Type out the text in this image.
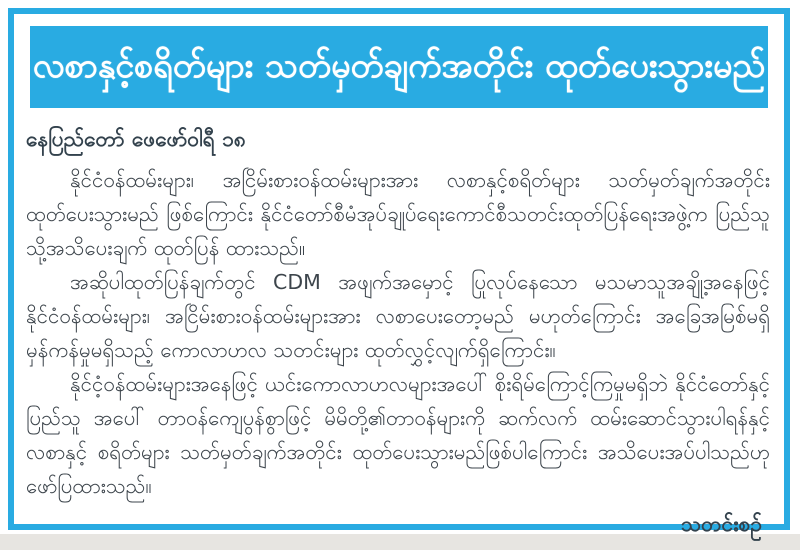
လစာနှင့်စရိတ်များ သတ်မှတ်ချက်အတိုင်း ထုတ်ပေးသွားမည်
နေပြည်တော် ဖေဖော်ဝါရီ ၁၈

နိုင်ငံဝန်ထမ်းများ၊ အငြိမ်းစားဝန်ထမ်းများအား လစာနှင့်စရိတ်များ သတ်မှတ်ချက်အတိုင်း ထုတ်ပေးသွားမည် ဖြစ်ကြောင်း နိုင်ငံတော်စီမံအုပ်ချုပ်ရေးကောင်စီသတင်းထုတ်ပြန်ရေးအဖွဲ့က ပြည်သူသို့အသိပေးချက် ထုတ်ပြန် ထားသည်။

အဆိုပါထုတ်ပြန်ချက်တွင် CDM အဖျက်အမှောင့် ပြုလုပ်နေသော မသမာသူအချို့အနေဖြင့် နိုင်ငံဝန်ထမ်းများ၊ အငြိမ်းစားဝန်ထမ်းများအား လစာပေးတော့မည် မဟုတ်ကြောင်း အခြေအမြစ်မရှိ မှန်ကန်မှုမရှိသည့် ကောလာဟလ သတင်းများ ထုတ်လွှင့်လျက်ရှိကြောင်း။

နိုင်ငံ့ဝန်ထမ်းများအနေဖြင့် ယင်းကောလာဟလများအပေါ် စိုးရိမ်ကြောင့်ကြမှုမရှိဘဲ နိုင်ငံတော်နှင့် ပြည်သူ အပေါ် တာဝန်ကျေပွန်စွာဖြင့် မိမိတို့၏တာဝန်များကို ဆက်လက် ထမ်းဆောင်သွားပါရန်နှင့် လစာနှင့် စရိတ်များ သတ်မှတ်ချက်အတိုင်း ထုတ်ပေးသွားမည်ဖြစ်ပါကြောင်း အသိပေးအပ်ပါသည်ဟု ဖော်ပြထားသည်။

သတင်းစဉ်
